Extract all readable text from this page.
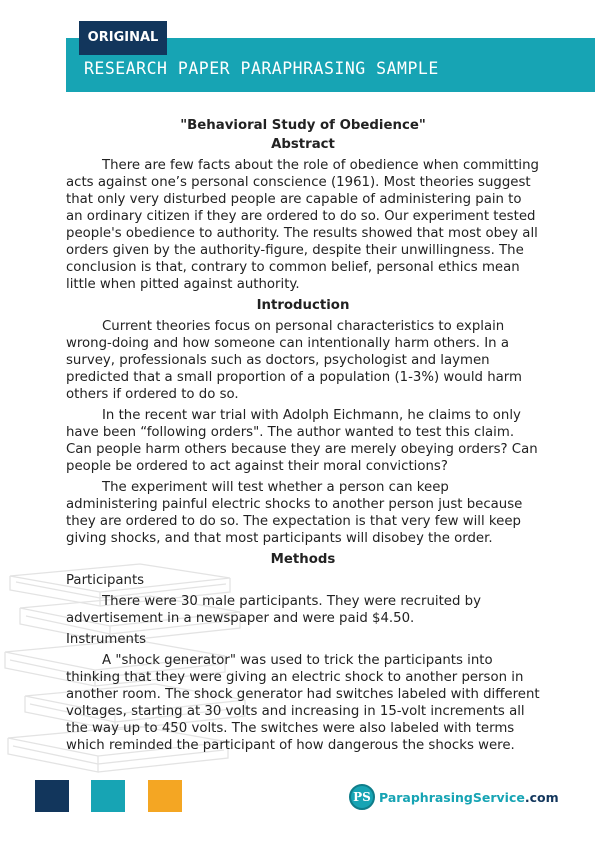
RESEARCH PAPER PARAPHRASING SAMPLE
ORIGINAL
"Behavioral Study of Obedience"
Abstract

There are few facts about the role of obedience when committing acts against one’s personal conscience (1961). Most theories suggest that only very disturbed people are capable of administering pain to an ordinary citizen if they are ordered to do so. Our experiment tested people's obedience to authority. The results showed that most obey all orders given by the authority-figure, despite their unwillingness. The conclusion is that, contrary to common belief, personal ethics mean little when pitted against authority.

Introduction

Current theories focus on personal characteristics to explain wrong-doing and how someone can intentionally harm others. In a survey, professionals such as doctors, psychologist and laymen predicted that a small proportion of a population (1-3%) would harm others if ordered to do so.

In the recent war trial with Adolph Eichmann, he claims to only have been “following orders". The author wanted to test this claim. Can people harm others because they are merely obeying orders? Can people be ordered to act against their moral convictions?

The experiment will test whether a person can keep administering painful electric shocks to another person just because they are ordered to do so. The expectation is that very few will keep giving shocks, and that most participants will disobey the order.

Methods
Participants

There were 30 male participants. They were recruited by advertisement in a newspaper and were paid $4.50.

Instruments

A "shock generator" was used to trick the participants into thinking that they were giving an electric shock to another person in another room. The shock generator had switches labeled with different voltages, starting at 30 volts and increasing in 15-volt increments all the way up to 450 volts. The switches were also labeled with terms which reminded the participant of how dangerous the shocks were.

PS ParaphrasingService.com
